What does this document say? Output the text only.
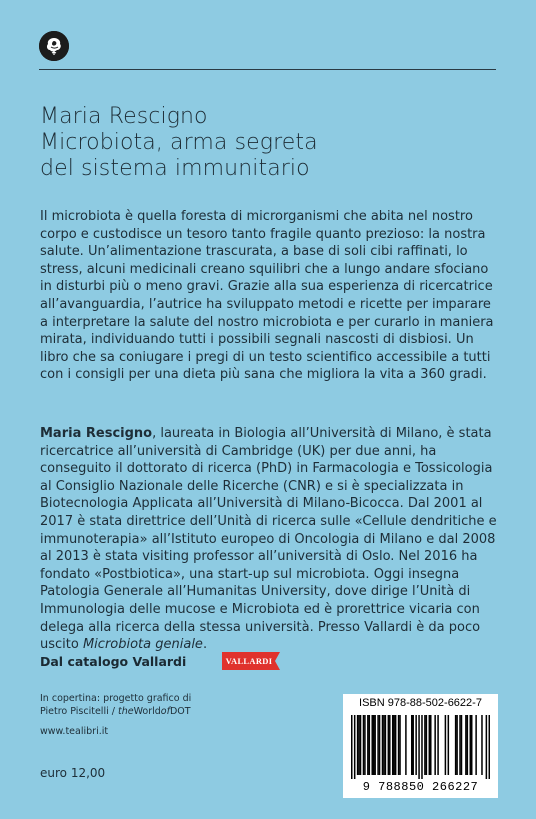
Maria Rescigno
Microbiota, arma segreta
del sistema immunitario

Il microbiota è quella foresta di microrganismi che abita nel nostro corpo e custodisce un tesoro tanto fragile quanto prezioso: la nostra salute. Un’alimentazione trascurata, a base di soli cibi raffinati, lo stress, alcuni medicinali creano squilibri che a lungo andare sfociano in disturbi più o meno gravi. Grazie alla sua esperienza di ricercatrice all’avanguardia, l’autrice ha sviluppato metodi e ricette per imparare a interpretare la salute del nostro microbiota e per curarlo in maniera mirata, individuando tutti i possibili segnali nascosti di disbiosi. Un libro che sa coniugare i pregi di un testo scientifico accessibile a tutti con i consigli per una dieta più sana che migliora la vita a 360 gradi.

Maria Rescigno, laureata in Biologia all’Università di Milano, è stata ricercatrice all’università di Cambridge (UK) per due anni, ha conseguito il dottorato di ricerca (PhD) in Farmacologia e Tossicologia al Consiglio Nazionale delle Ricerche (CNR) e si è specializzata in Biotecnologia Applicata all’Università di Milano-Bicocca. Dal 2001 al 2017 è stata direttrice dell’Unità di ricerca sulle «Cellule dendritiche e immunoterapia» all’Istituto europeo di Oncologia di Milano e dal 2008 al 2013 è stata visiting professor all’università di Oslo. Nel 2016 ha fondato «Postbiotica», una start-up sul microbiota. Oggi insegna Patologia Generale all’Humanitas University, dove dirige l’Unità di Immunologia delle mucose e Microbiota ed è prorettrice vicaria con delega alla ricerca della stessa università. Presso Vallardi è da poco uscito Microbiota geniale.

Dal catalogo Vallardi	VALLARDI
In copertina: progetto grafico di
Pietro Piscitelli / theWorldofDOT
www.tealibri.it
euro 12,00
ISBN 978-88-502-6622-7
9 788850 266227
